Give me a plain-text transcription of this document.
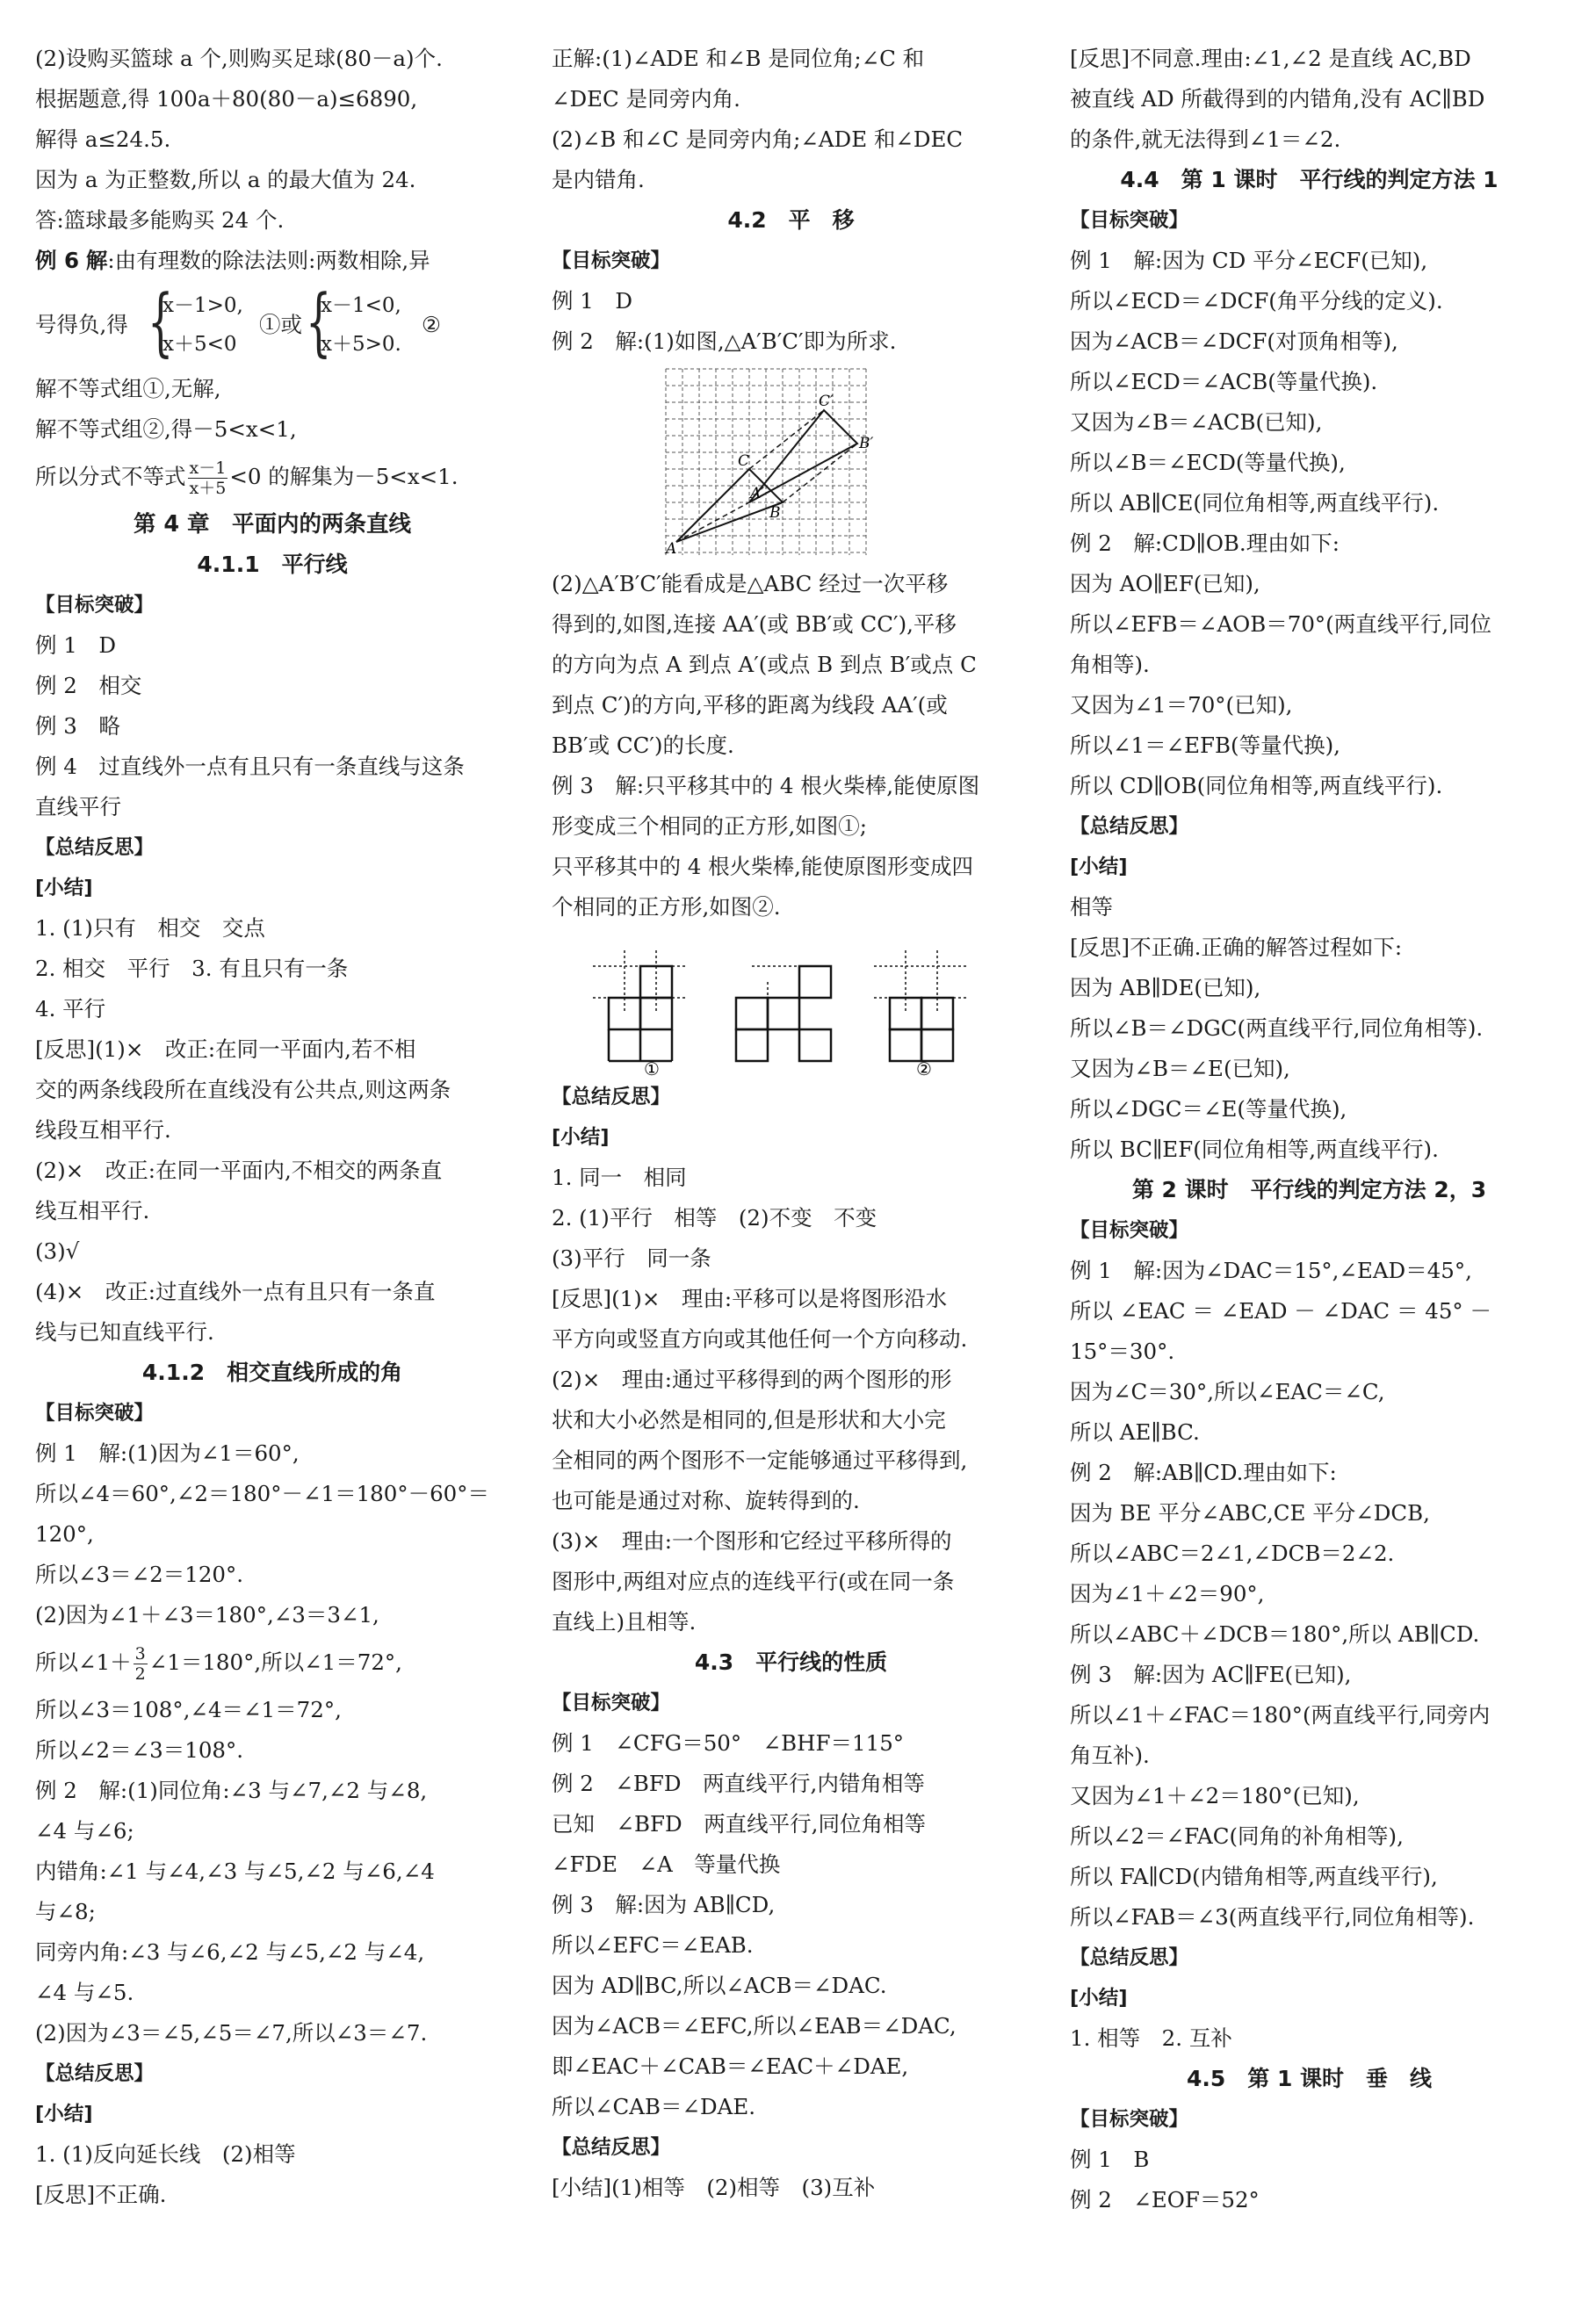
(2)设购买篮球 a 个,则购买足球(80－a)个.
根据题意,得 100a＋80(80－a)≤6890,
解得 a≤24.5.
因为 a 为正整数,所以 a 的最大值为 24.
答:篮球最多能购买 24 个.
例 6 解:由有理数的除法法则:两数相除,异
号得负,得 {
x－1>0,
x＋5<0
①或 {
x－1<0,
x＋5>0.
②
解不等式组①,无解,
解不等式组②,得－5<x<1,
所以分式不等式 $\frac{x-1}{x+5} <0$ 的解集为－5<x<1.
第 4 章　平面内的两条直线
4.1.1　平行线
【目标突破】
例 1　D
例 2　相交
例 3　略
例 4　过直线外一点有且只有一条直线与这条
直线平行
【总结反思】
[小结]
1. (1)只有　相交　交点
2. 相交　平行　3. 有且只有一条
4. 平行
[反思](1)×　改正:在同一平面内,若不相
交的两条线段所在直线没有公共点,则这两条
线段互相平行.
(2)×　改正:在同一平面内,不相交的两条直
线互相平行.
(3)√
(4)×　改正:过直线外一点有且只有一条直
线与已知直线平行.
4.1.2　相交直线所成的角
【目标突破】
例 1　解:(1)因为∠1＝60°,
所以∠4＝60°,∠2＝180°－∠1＝180°－60°＝
120°,
所以∠3＝∠2＝120°.
(2)因为∠1＋∠3＝180°,∠3＝3∠1,
所以∠1＋ $\frac{3}{2}$ ∠1＝180°,所以∠1＝72°,
所以∠3＝108°,∠4＝∠1＝72°,
所以∠2＝∠3＝108°.
例 2　解:(1)同位角:∠3 与∠7,∠2 与∠8,
∠4 与∠6;
内错角:∠1 与∠4,∠3 与∠5,∠2 与∠6,∠4
与∠8;
同旁内角:∠3 与∠6,∠2 与∠5,∠2 与∠4,
∠4 与∠5.
(2)因为∠3＝∠5,∠5＝∠7,所以∠3＝∠7.
【总结反思】
[小结]
1. (1)反向延长线　(2)相等
[反思]不正确.
正解:(1)∠ADE 和∠B 是同位角;∠C 和
∠DEC 是同旁内角.
(2)∠B 和∠C 是同旁内角;∠ADE 和∠DEC
是内错角.
4.2　平　移
【目标突破】
例 1　D
例 2　解:(1)如图,△A′B′C′即为所求.
A
C
B
A′
C′
B′
(2)△A′B′C′能看成是△ABC 经过一次平移
得到的,如图,连接 AA′(或 BB′或 CC′),平移
的方向为点 A 到点 A′(或点 B 到点 B′或点 C
到点 C′)的方向,平移的距离为线段 AA′(或
BB′或 CC′)的长度.
例 3　解:只平移其中的 4 根火柴棒,能使原图
形变成三个相同的正方形,如图①;
只平移其中的 4 根火柴棒,能使原图形变成四
个相同的正方形,如图②.
①	②
【总结反思】
[小结]
1. 同一　相同
2. (1)平行　相等　(2)不变　不变
(3)平行　同一条
[反思](1)×　理由:平移可以是将图形沿水
平方向或竖直方向或其他任何一个方向移动.
(2)×　理由:通过平移得到的两个图形的形
状和大小必然是相同的,但是形状和大小完
全相同的两个图形不一定能够通过平移得到,
也可能是通过对称、旋转得到的.
(3)×　理由:一个图形和它经过平移所得的
图形中,两组对应点的连线平行(或在同一条
直线上)且相等.
4.3　平行线的性质
【目标突破】
例 1　∠CFG＝50°　∠BHF＝115°
例 2　∠BFD　两直线平行,内错角相等
已知　∠BFD　两直线平行,同位角相等
∠FDE　∠A　等量代换
例 3　解:因为 AB∥CD,
所以∠EFC＝∠EAB.
因为 AD∥BC,所以∠ACB＝∠DAC.
因为∠ACB＝∠EFC,所以∠EAB＝∠DAC,
即∠EAC＋∠CAB＝∠EAC＋∠DAE,
所以∠CAB＝∠DAE.
【总结反思】
[小结](1)相等　(2)相等　(3)互补
[反思]不同意.理由:∠1,∠2 是直线 AC,BD
被直线 AD 所截得到的内错角,没有 AC∥BD
的条件,就无法得到∠1＝∠2.
4.4　第 1 课时　平行线的判定方法 1
【目标突破】
例 1　解:因为 CD 平分∠ECF(已知),
所以∠ECD＝∠DCF(角平分线的定义).
因为∠ACB＝∠DCF(对顶角相等),
所以∠ECD＝∠ACB(等量代换).
又因为∠B＝∠ACB(已知),
所以∠B＝∠ECD(等量代换),
所以 AB∥CE(同位角相等,两直线平行).
例 2　解:CD∥OB.理由如下:
因为 AO∥EF(已知),
所以∠EFB＝∠AOB＝70°(两直线平行,同位
角相等).
又因为∠1＝70°(已知),
所以∠1＝∠EFB(等量代换),
所以 CD∥OB(同位角相等,两直线平行).
【总结反思】
[小结]
相等
[反思]不正确.正确的解答过程如下:
因为 AB∥DE(已知),
所以∠B＝∠DGC(两直线平行,同位角相等).
又因为∠B＝∠E(已知),
所以∠DGC＝∠E(等量代换),
所以 BC∥EF(同位角相等,两直线平行).
第 2 课时　平行线的判定方法 2，3
【目标突破】
例 1　解:因为∠DAC＝15°,∠EAD＝45°,
所以 ∠EAC ＝ ∠EAD － ∠DAC ＝ 45° －
15°＝30°.
因为∠C＝30°,所以∠EAC＝∠C,
所以 AE∥BC.
例 2　解:AB∥CD.理由如下:
因为 BE 平分∠ABC,CE 平分∠DCB,
所以∠ABC＝2∠1,∠DCB＝2∠2.
因为∠1＋∠2＝90°,
所以∠ABC＋∠DCB＝180°,所以 AB∥CD.
例 3　解:因为 AC∥FE(已知),
所以∠1＋∠FAC＝180°(两直线平行,同旁内
角互补).
又因为∠1＋∠2＝180°(已知),
所以∠2＝∠FAC(同角的补角相等),
所以 FA∥CD(内错角相等,两直线平行),
所以∠FAB＝∠3(两直线平行,同位角相等).
【总结反思】
[小结]
1. 相等　2. 互补
4.5　第 1 课时　垂　线
【目标突破】
例 1　B
例 2　∠EOF＝52°
